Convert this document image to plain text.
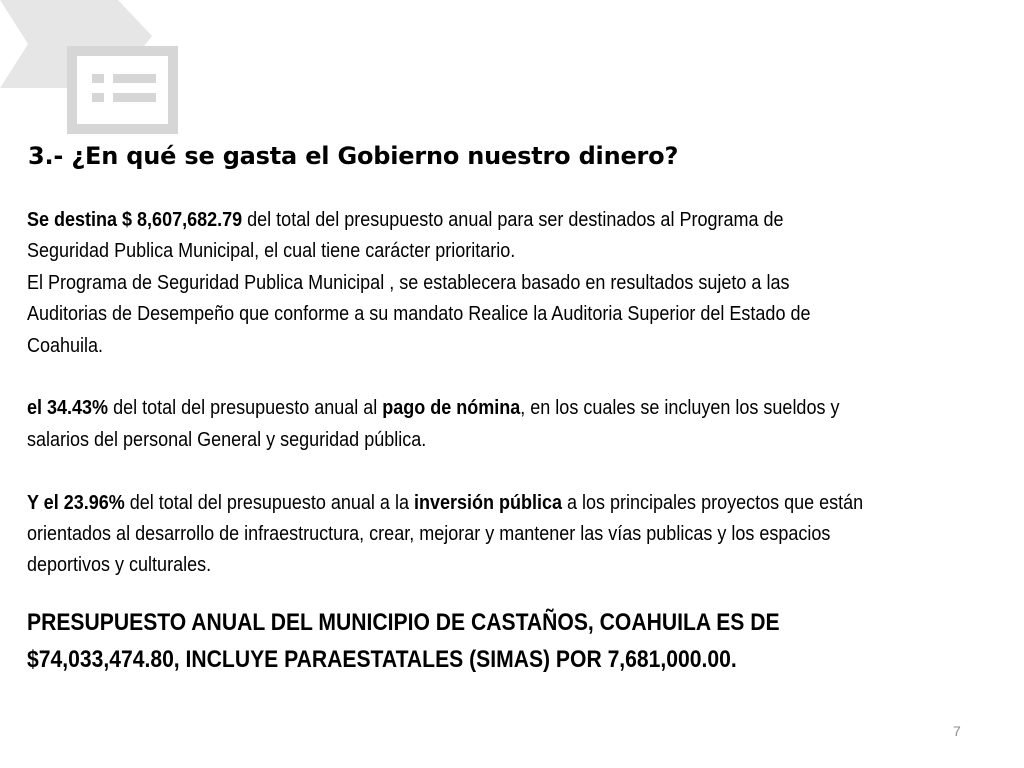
3.- ¿En qué se gasta el Gobierno nuestro dinero?

Se destina $ 8,607,682.79 del total del presupuesto anual para ser destinados al Programa de

Seguridad Publica Municipal, el cual tiene carácter prioritario.

El Programa de Seguridad Publica Municipal , se establecera basado en resultados sujeto a las

Auditorias de Desempeño que conforme a su mandato Realice la Auditoria Superior del Estado de

Coahuila.

el 34.43% del total del presupuesto anual al pago de nómina, en los cuales se incluyen los sueldos y

salarios del personal General y seguridad pública.

Y el 23.96% del total del presupuesto anual a la inversión pública a los principales proyectos que están

orientados al desarrollo de infraestructura, crear, mejorar y mantener las vías publicas y los espacios

deportivos y culturales.

PRESUPUESTO ANUAL DEL MUNICIPIO DE CASTAÑOS, COAHUILA ES DE
$74,033,474.80, INCLUYE PARAESTATALES (SIMAS) POR 7,681,000.00.
7
